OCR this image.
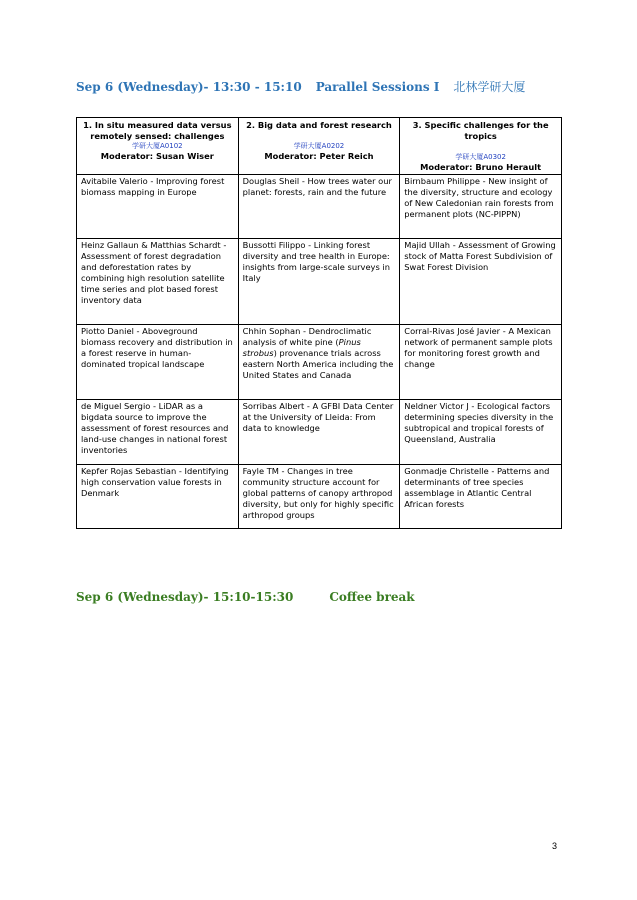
Sep 6 (Wednesday)- 13:30 - 15:10 Parallel Sessions I 北林学研大厦
1. In situ measured data versus remotely sensed: challenges
学研大厦A0102
Moderator: Susan Wiser	2. Big data and forest research
学研大厦A0202
Moderator: Peter Reich	3. Specific challenges for the tropics
学研大厦A0302
Moderator: Bruno Herault

Avitabile Valerio - Improving forest biomass mapping in Europe	Douglas Sheil - How trees water our planet: forests, rain and the future	Birnbaum Philippe - New insight of the diversity, structure and ecology of New Caledonian rain forests from permanent plots (NC-PIPPN)
Heinz Gallaun & Matthias Schardt - Assessment of forest degradation and deforestation rates by combining high resolution satellite time series and plot based forest inventory data	Bussotti Filippo - Linking forest diversity and tree health in Europe: insights from large-scale surveys in Italy	Majid Ullah - Assessment of Growing stock of Matta Forest Subdivision of Swat Forest Division
Piotto Daniel - Aboveground biomass recovery and distribution in a forest reserve in human-dominated tropical landscape	Chhin Sophan - Dendroclimatic analysis of white pine (Pinus strobus) provenance trials across eastern North America including the United States and Canada	Corral-Rivas José Javier - A Mexican network of permanent sample plots for monitoring forest growth and change
de Miguel Sergio - LiDAR as a bigdata source to improve the assessment of forest resources and land-use changes in national forest inventories	Sorribas Albert - A GFBI Data Center at the University of Lleida: From data to knowledge	Neldner Victor J - Ecological factors determining species diversity in the subtropical and tropical forests of Queensland, Australia
Kepfer Rojas Sebastian - Identifying high conservation value forests in Denmark	Fayle TM - Changes in tree community structure account for global patterns of canopy arthropod diversity, but only for highly specific arthropod groups	Gonmadje Christelle - Patterns and determinants of tree species assemblage in Atlantic Central African forests
Sep 6 (Wednesday)- 15:10-15:30	Coffee break
3
